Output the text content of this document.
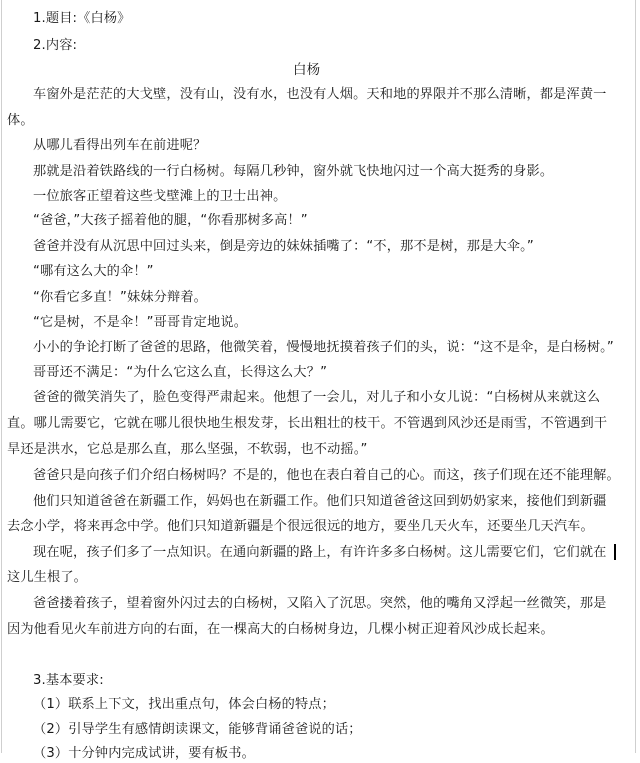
1.题目:《白杨》
2.内容:
白杨
车窗外是茫茫的大戈壁，没有山，没有水，也没有人烟。天和地的界限并不那么清晰，都是浑黄一
体。
从哪儿看得出列车在前进呢？
那就是沿着铁路线的一行白杨树。每隔几秒钟，窗外就飞快地闪过一个高大挺秀的身影。
一位旅客正望着这些戈壁滩上的卫士出神。
“爸爸，”大孩子摇着他的腿，“你看那树多高！”
爸爸并没有从沉思中回过头来，倒是旁边的妹妹插嘴了：“不，那不是树，那是大伞。”
“哪有这么大的伞！”
“你看它多直！”妹妹分辩着。
“它是树，不是伞！”哥哥肯定地说。
小小的争论打断了爸爸的思路，他微笑着，慢慢地抚摸着孩子们的头，说：“这不是伞，是白杨树。”
哥哥还不满足：“为什么它这么直，长得这么大？”
爸爸的微笑消失了，脸色变得严肃起来。他想了一会儿，对儿子和小女儿说：“白杨树从来就这么
直。哪儿需要它，它就在哪儿很快地生根发芽，长出粗壮的枝干。不管遇到风沙还是雨雪，不管遇到干
旱还是洪水，它总是那么直，那么坚强，不软弱，也不动摇。”
爸爸只是向孩子们介绍白杨树吗？不是的，他也在表白着自己的心。而这，孩子们现在还不能理解。
他们只知道爸爸在新疆工作，妈妈也在新疆工作。他们只知道爸爸这回到奶奶家来，接他们到新疆
去念小学，将来再念中学。他们只知道新疆是个很远很远的地方，要坐几天火车，还要坐几天汽车。
现在呢，孩子们多了一点知识。在通向新疆的路上，有许许多多白杨树。这儿需要它们，它们就在
这儿生根了。
爸爸搂着孩子，望着窗外闪过去的白杨树，又陷入了沉思。突然，他的嘴角又浮起一丝微笑，那是
因为他看见火车前进方向的右面，在一棵高大的白杨树身边，几棵小树正迎着风沙成长起来。
3.基本要求:
（1）联系上下文，找出重点句，体会白杨的特点；
（2）引导学生有感情朗读课文，能够背诵爸爸说的话；
（3）十分钟内完成试讲，要有板书。
